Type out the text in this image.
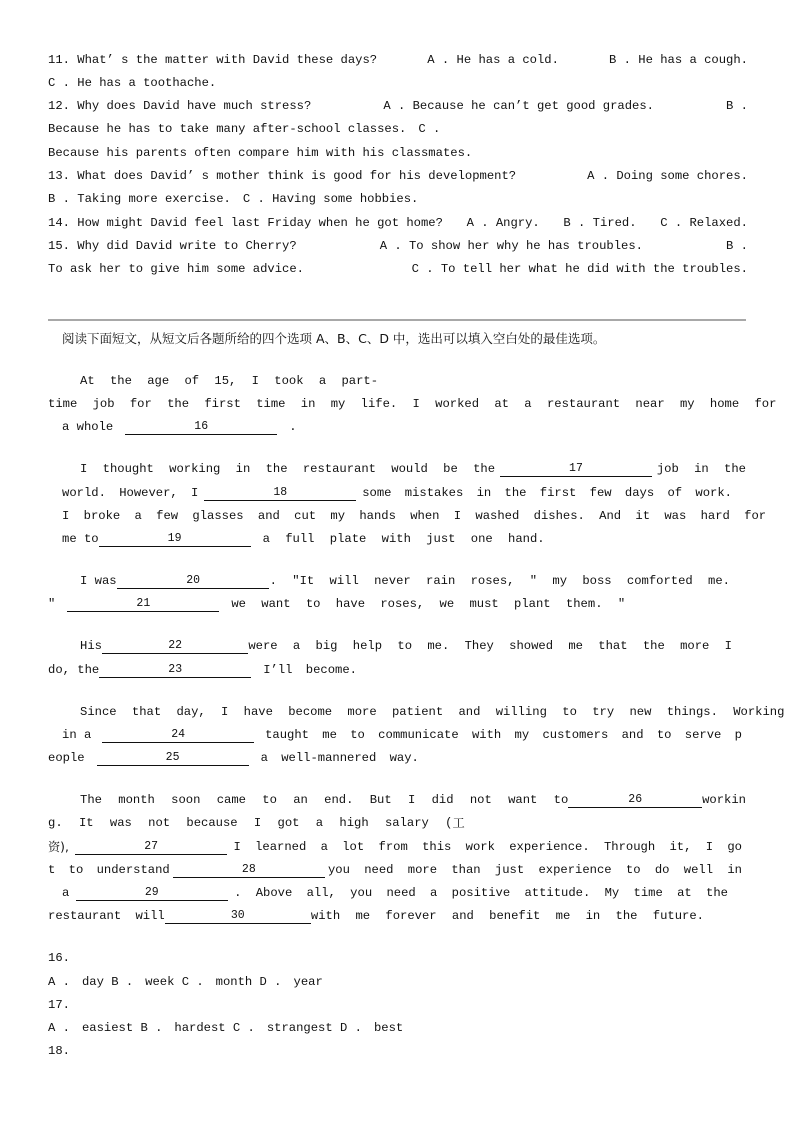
11. What’ s the matter with David these days?	A . He has a cold.	B . He has a cough.
C . He has a toothache.
12. Why does David have much stress?	A . Because he can’t get good grades.	B .
Because he has to take many after-school classes. C .
Because his parents often compare him with his classmates.
13. What does David’ s mother think is good for his development?	A . Doing some chores.
B . Taking more exercise. C . Having some hobbies.
14. How might David feel last Friday when he got home? A . Angry. B . Tired. C . Relaxed.
15. Why did David write to Cherry?	A . To show her why he has troubles.	B .
To ask her to give him some advice.	C . To tell her what he did with the troubles.
阅读下面短文，从短文后各题所给的四个选项 A、B、C、D 中，选出可以填入空白处的最佳选项。
At the age of 15, I took a part-
time job for the first time in my life. I worked at a restaurant near my home for
a whole	16	.
I thought working in the restaurant would be the	17	job in the
world. However, I	18	some mistakes in the first few days of work.
I broke a few glasses and cut my hands when I washed dishes. And it was hard for
me to	19	a full plate with just one hand.
I was	20	. ″It will never rain roses, ″ my boss comforted me.
″	21	we want to have roses, we must plant them. ″
His	22	were a big help to me. They showed me that the more I
do, the	23	I’ll become.
Since that day, I have become more patient and willing to try new things. Working
in a	24	taught me to communicate with my customers and to serve p
eople	25	a well-mannered way.
The month soon came to an end. But I did not want to	26	workin
g. It was not because I got a high salary ( 工
资),	27	I learned a lot from this work experience. Through it, I go
t to understand	28	you need more than just experience to do well in
a	29	. Above all, you need a positive attitude. My time at the
restaurant will	30	with me forever and benefit me in the future.
16.
A . day B . week C . month D . year
17.
A . easiest B . hardest C . strangest D . best
18.
